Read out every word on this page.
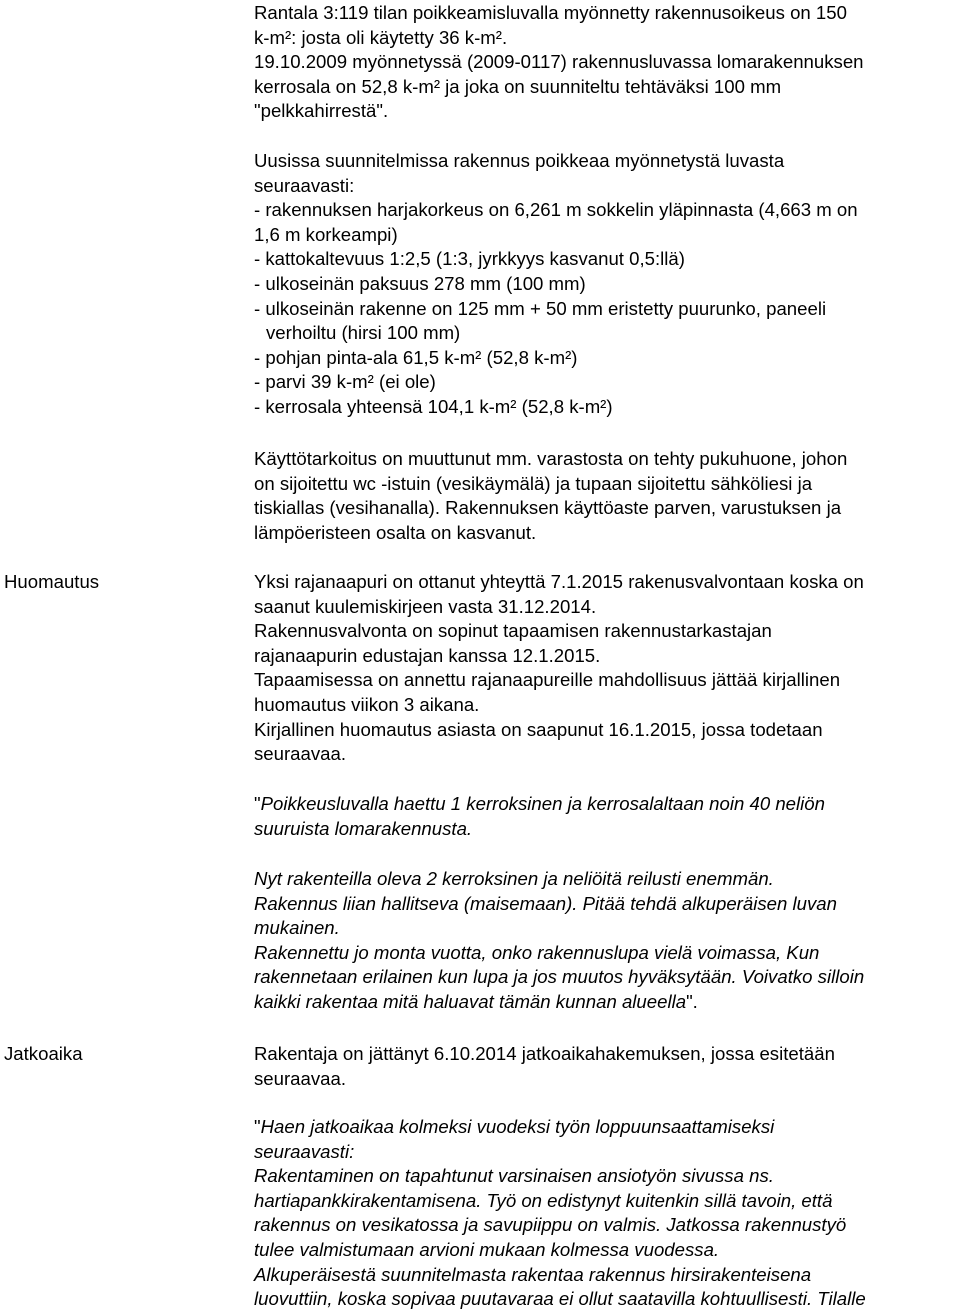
Rantala 3:119 tilan poikkeamisluvalla myönnetty rakennusoikeus on 150
k-m²: josta oli käytetty 36 k-m².
19.10.2009 myönnetyssä (2009-0117) rakennusluvassa lomarakennuksen
kerrosala on 52,8 k-m² ja joka on suunniteltu tehtäväksi 100 mm
"pelkkahirrestä".
Uusissa suunnitelmissa rakennus poikkeaa myönnetystä luvasta
seuraavasti:
- rakennuksen harjakorkeus on 6,261 m sokkelin yläpinnasta (4,663 m on
1,6 m korkeampi)
- kattokaltevuus 1:2,5 (1:3, jyrkkyys kasvanut 0,5:llä)
- ulkoseinän paksuus 278 mm (100 mm)
- ulkoseinän rakenne on 125 mm + 50 mm eristetty puurunko, paneeli
verhoiltu (hirsi 100 mm)
- pohjan pinta-ala 61,5 k-m² (52,8 k-m²)
- parvi 39 k-m² (ei ole)
- kerrosala yhteensä 104,1 k-m² (52,8 k-m²)
Käyttötarkoitus on muuttunut mm. varastosta on tehty pukuhuone, johon
on sijoitettu wc -istuin (vesikäymälä) ja tupaan sijoitettu sähköliesi ja
tiskiallas (vesihanalla). Rakennuksen käyttöaste parven, varustuksen ja
lämpöeristeen osalta on kasvanut.
Huomautus	Yksi rajanaapuri on ottanut yhteyttä 7.1.2015 rakenusvalvontaan koska on
saanut kuulemiskirjeen vasta 31.12.2014.
Rakennusvalvonta on sopinut tapaamisen rakennustarkastajan
rajanaapurin edustajan kanssa 12.1.2015.
Tapaamisessa on annettu rajanaapureille mahdollisuus jättää kirjallinen
huomautus viikon 3 aikana.
Kirjallinen huomautus asiasta on saapunut 16.1.2015, jossa todetaan
seuraavaa.
"Poikkeusluvalla haettu 1 kerroksinen ja kerrosalaltaan noin 40 neliön
suuruista lomarakennusta.
Nyt rakenteilla oleva 2 kerroksinen ja neliöitä reilusti enemmän.
Rakennus liian hallitseva (maisemaan). Pitää tehdä alkuperäisen luvan
mukainen.
Rakennettu jo monta vuotta, onko rakennuslupa vielä voimassa, Kun
rakennetaan erilainen kun lupa ja jos muutos hyväksytään. Voivatko silloin
kaikki rakentaa mitä haluavat tämän kunnan alueella".
Jatkoaika	Rakentaja on jättänyt 6.10.2014 jatkoaikahakemuksen, jossa esitetään
seuraavaa.
"Haen jatkoaikaa kolmeksi vuodeksi työn loppuunsaattamiseksi
seuraavasti:
Rakentaminen on tapahtunut varsinaisen ansiotyön sivussa ns.
hartiapankkirakentamisena. Työ on edistynyt kuitenkin sillä tavoin, että
rakennus on vesikatossa ja savupiippu on valmis. Jatkossa rakennustyö
tulee valmistumaan arvioni mukaan kolmessa vuodessa.
Alkuperäisestä suunnitelmasta rakentaa rakennus hirsirakenteisena
luovuttiin, koska sopivaa puutavaraa ei ollut saatavilla kohtuullisesti. Tilalle
